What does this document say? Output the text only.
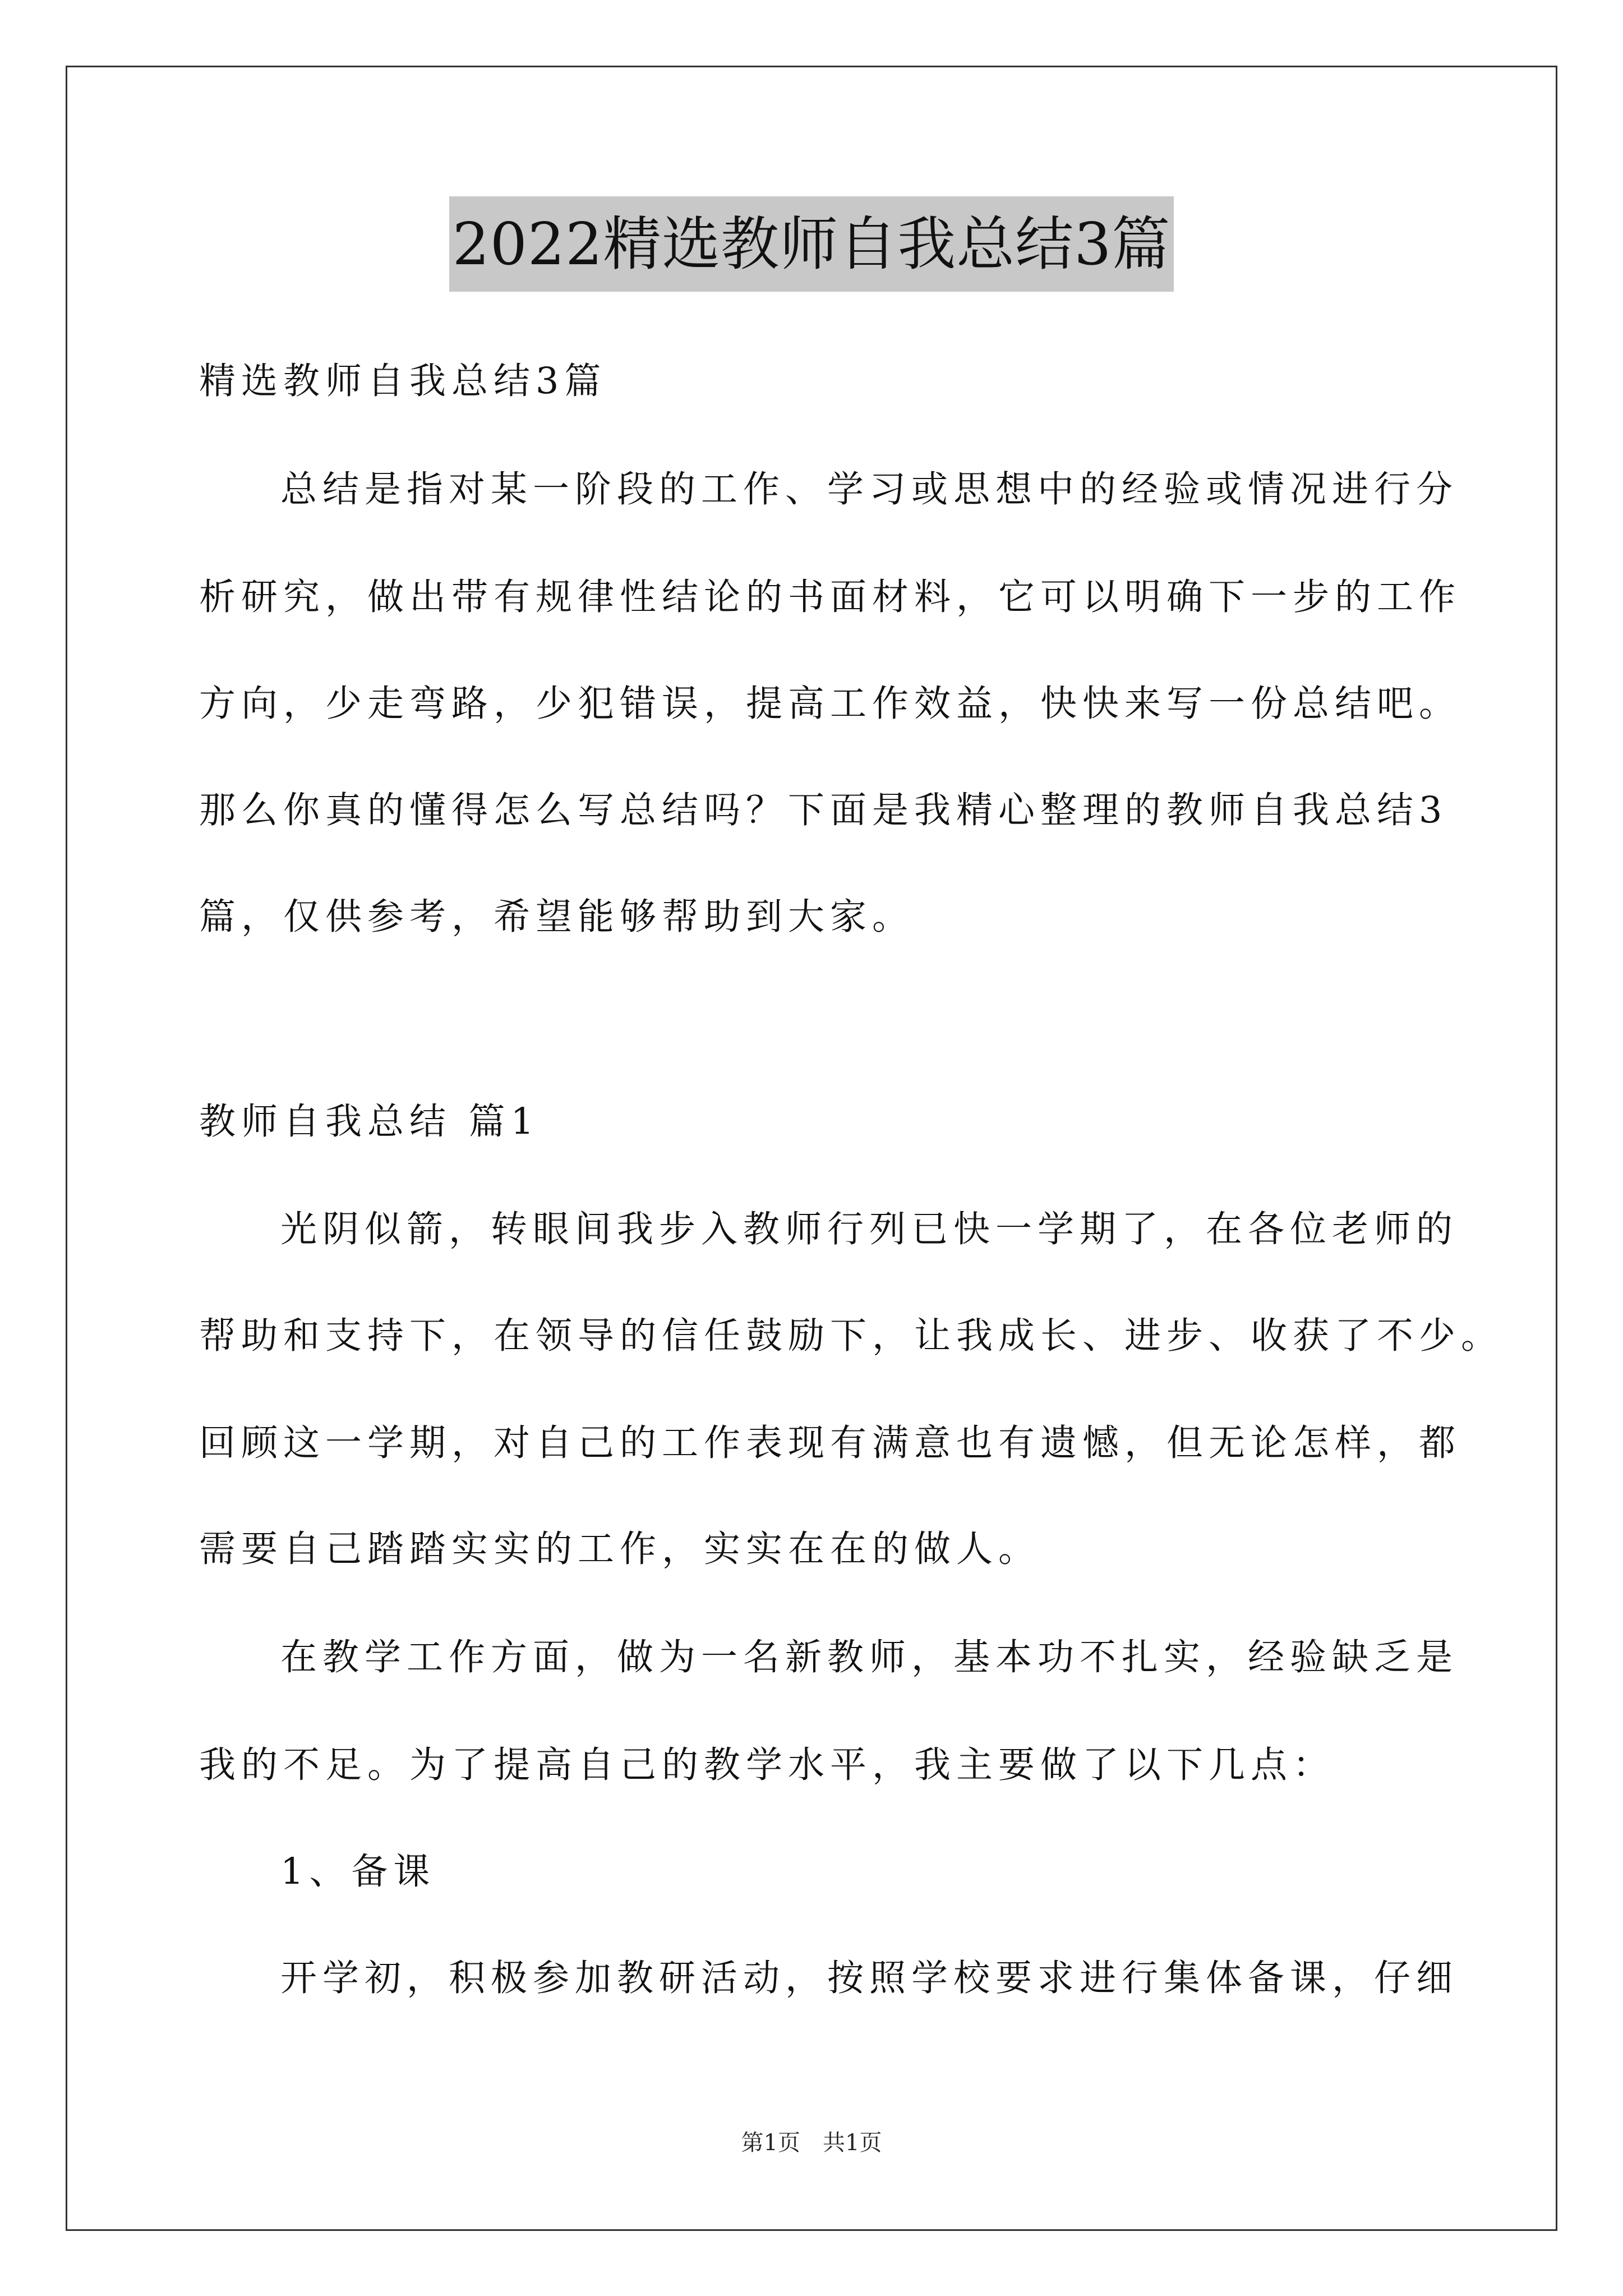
2022精选教师自我总结3篇
精选教师自我总结3篇
总结是指对某一阶段的工作、学习或思想中的经验或情况进行分
析研究，做出带有规律性结论的书面材料，它可以明确下一步的工作
方向，少走弯路，少犯错误，提高工作效益，快快来写一份总结吧。
那么你真的懂得怎么写总结吗？下面是我精心整理的教师自我总结3
篇，仅供参考，希望能够帮助到大家。
教师自我总结 篇1
光阴似箭，转眼间我步入教师行列已快一学期了，在各位老师的
帮助和支持下，在领导的信任鼓励下，让我成长、进步、收获了不少。
回顾这一学期，对自己的工作表现有满意也有遗憾，但无论怎样，都
需要自己踏踏实实的工作，实实在在的做人。
在教学工作方面，做为一名新教师，基本功不扎实，经验缺乏是
我的不足。为了提高自己的教学水平，我主要做了以下几点：
1、备课
开学初，积极参加教研活动，按照学校要求进行集体备课，仔细
第1页　共1页
